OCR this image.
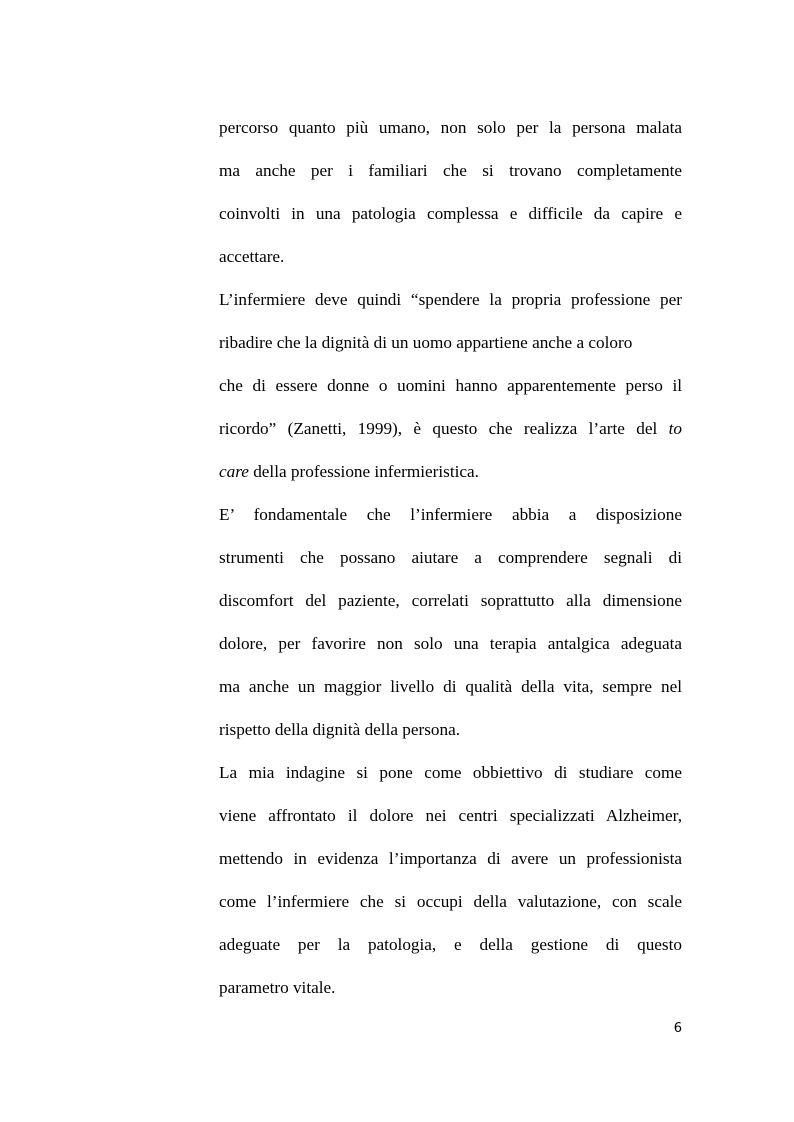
percorso quanto più umano, non solo per la persona malata
ma anche per i familiari che si trovano completamente
coinvolti in una patologia complessa e difficile da capire e
accettare.
L’infermiere deve quindi “spendere la propria professione per
ribadire che la dignità di un uomo appartiene anche a coloro
che di essere donne o uomini hanno apparentemente perso il
ricordo” (Zanetti, 1999), è questo che realizza l’arte del to
care della professione infermieristica.
E’ fondamentale che l’infermiere abbia a disposizione
strumenti che possano aiutare a comprendere segnali di
discomfort del paziente, correlati soprattutto alla dimensione
dolore, per favorire non solo una terapia antalgica adeguata
ma anche un maggior livello di qualità della vita, sempre nel
rispetto della dignità della persona.
La mia indagine si pone come obbiettivo di studiare come
viene affrontato il dolore nei centri specializzati Alzheimer,
mettendo in evidenza l’importanza di avere un professionista
come l’infermiere che si occupi della valutazione, con scale
adeguate per la patologia, e della gestione di questo
parametro vitale.
6
